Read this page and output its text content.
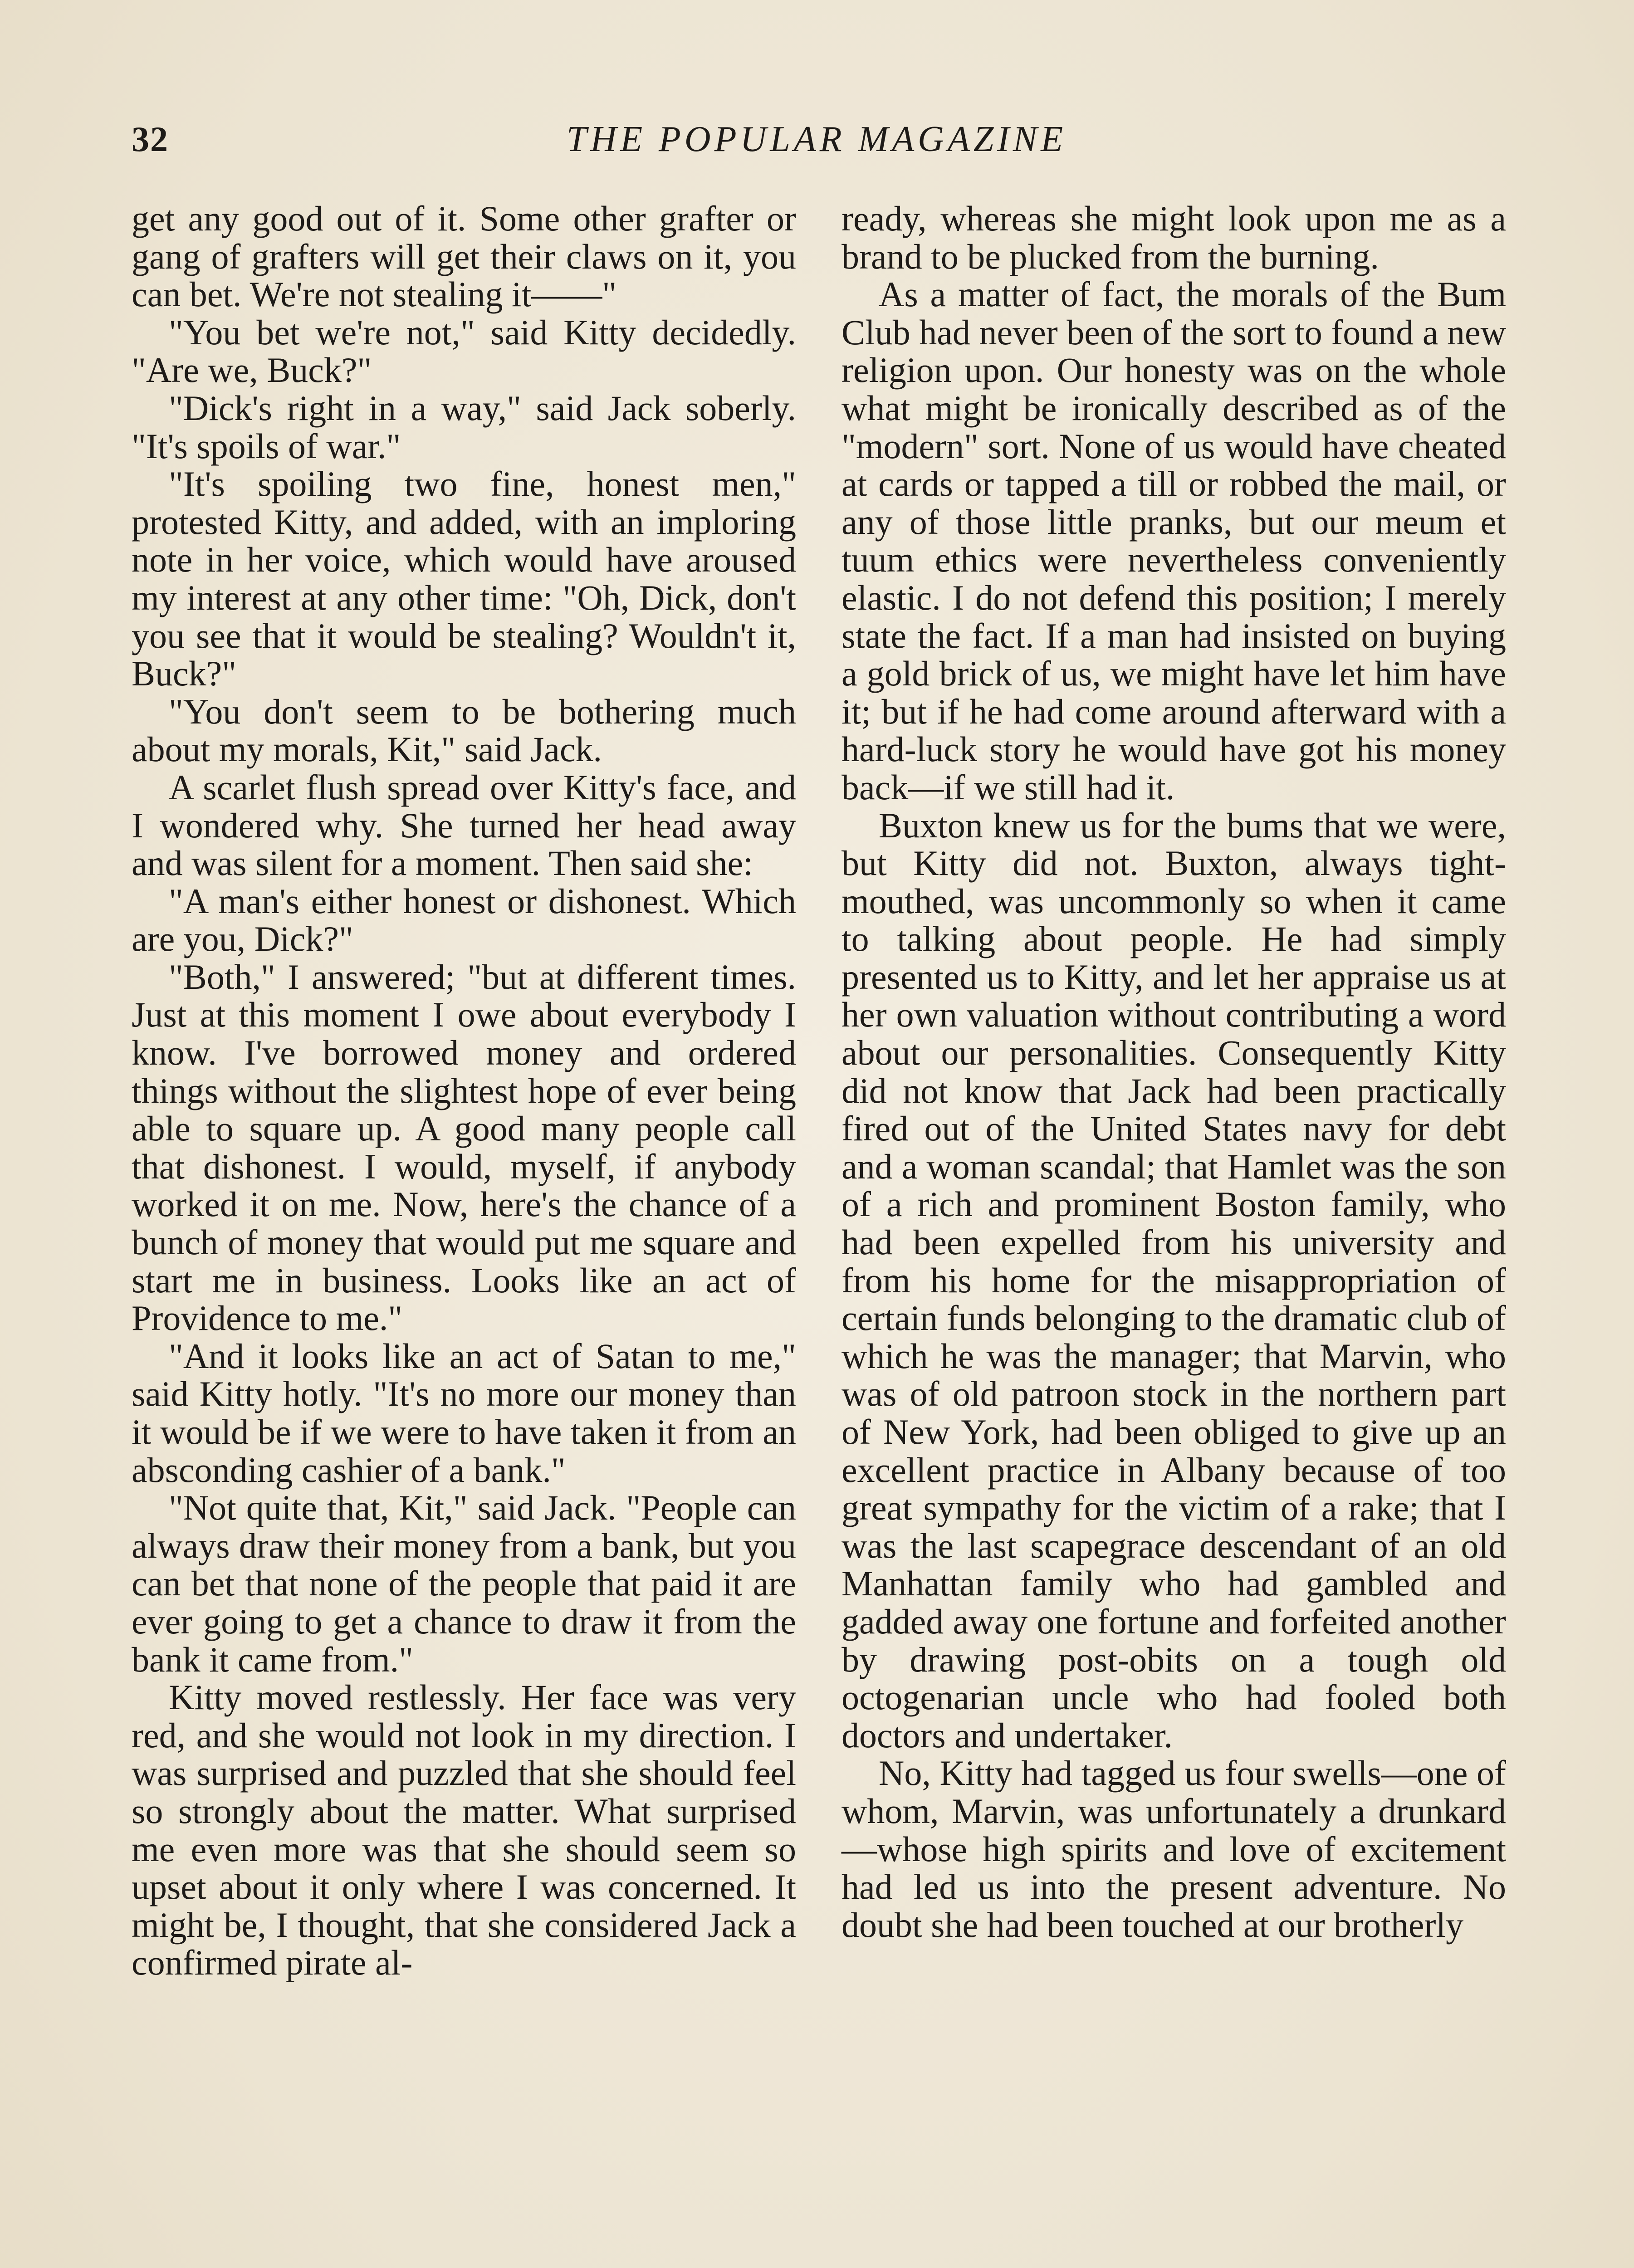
32	THE POPULAR MAGAZINE

get any good out of it. Some other grafter or gang of grafters will get their claws on it, you can bet. We're not stealing it——"

"You bet we're not," said Kitty decidedly. "Are we, Buck?"

"Dick's right in a way," said Jack soberly. "It's spoils of war."

"It's spoiling two fine, honest men," protested Kitty, and added, with an imploring note in her voice, which would have aroused my interest at any other time: "Oh, Dick, don't you see that it would be stealing? Wouldn't it, Buck?"

"You don't seem to be bothering much about my morals, Kit," said Jack.

A scarlet flush spread over Kitty's face, and I wondered why. She turned her head away and was silent for a moment. Then said she:

"A man's either honest or dishonest. Which are you, Dick?"

"Both," I answered; "but at different times. Just at this moment I owe about everybody I know. I've borrowed money and ordered things without the slightest hope of ever being able to square up. A good many people call that dishonest. I would, myself, if anybody worked it on me. Now, here's the chance of a bunch of money that would put me square and start me in business. Looks like an act of Providence to me."

"And it looks like an act of Satan to me," said Kitty hotly. "It's no more our money than it would be if we were to have taken it from an absconding cashier of a bank."

"Not quite that, Kit," said Jack. "People can always draw their money from a bank, but you can bet that none of the people that paid it are ever going to get a chance to draw it from the bank it came from."

Kitty moved restlessly. Her face was very red, and she would not look in my direction. I was surprised and puzzled that she should feel so strongly about the matter. What surprised me even more was that she should seem so upset about it only where I was concerned. It might be, I thought, that she considered Jack a confirmed pirate al-

ready, whereas she might look upon me as a brand to be plucked from the burning.

As a matter of fact, the morals of the Bum Club had never been of the sort to found a new religion upon. Our honesty was on the whole what might be ironically described as of the "modern" sort. None of us would have cheated at cards or tapped a till or robbed the mail, or any of those little pranks, but our meum et tuum ethics were nevertheless conveniently elastic. I do not defend this position; I merely state the fact. If a man had insisted on buying a gold brick of us, we might have let him have it; but if he had come around afterward with a hard-luck story he would have got his money back—if we still had it.

Buxton knew us for the bums that we were, but Kitty did not. Buxton, always tight-mouthed, was uncommonly so when it came to talking about people. He had simply presented us to Kitty, and let her appraise us at her own valuation without contributing a word about our personalities. Consequently Kitty did not know that Jack had been practically fired out of the United States navy for debt and a woman scandal; that Hamlet was the son of a rich and prominent Boston family, who had been expelled from his university and from his home for the misappropriation of certain funds belonging to the dramatic club of which he was the manager; that Marvin, who was of old patroon stock in the northern part of New York, had been obliged to give up an excellent practice in Albany because of too great sympathy for the victim of a rake; that I was the last scapegrace descendant of an old Manhattan family who had gambled and gadded away one fortune and forfeited another by drawing post-obits on a tough old octogenarian uncle who had fooled both doctors and undertaker.

No, Kitty had tagged us four swells—one of whom, Marvin, was unfortunately a drunkard—whose high spirits and love of excitement had led us into the present adventure. No doubt she had been touched at our brotherly
